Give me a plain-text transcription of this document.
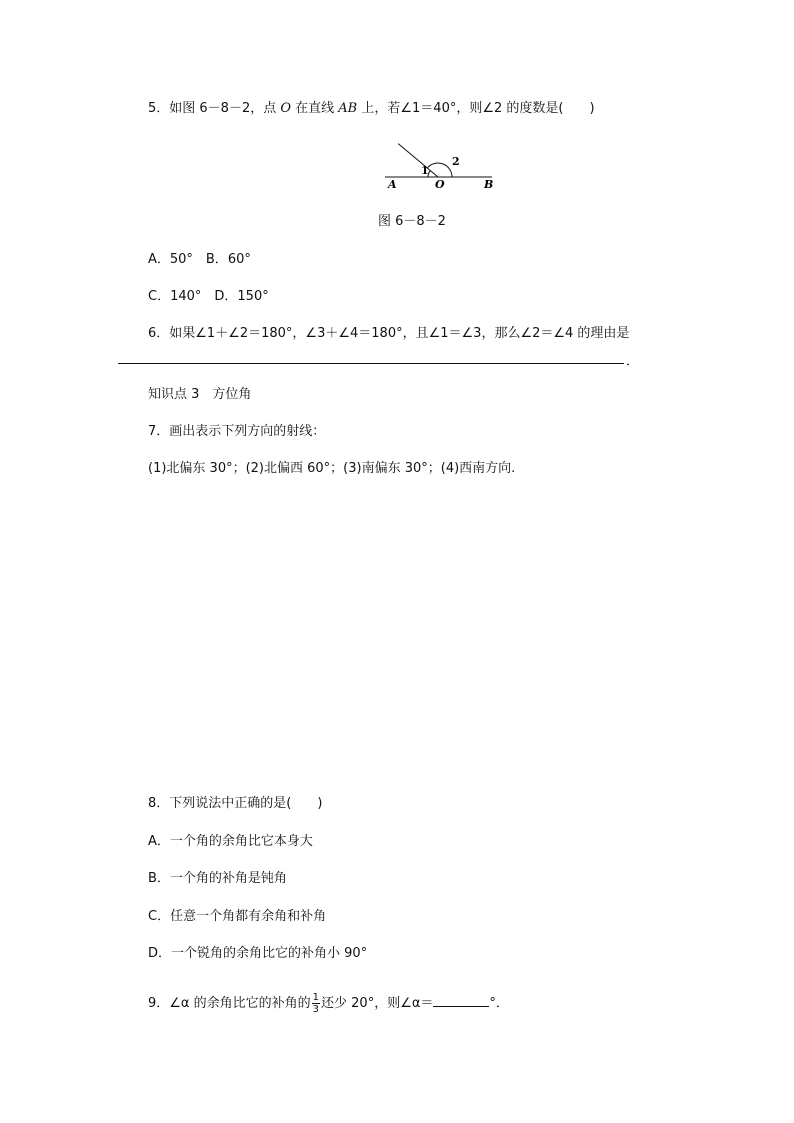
5．如图 6－8－2，点 O 在直线 AB 上，若∠1＝40°，则∠2 的度数是(　　)
1
2
A	O	B
图 6－8－2
A．50°　B．60°
C．140°　D．150°
6．如果∠1＋∠2＝180°，∠3＋∠4＝180°，且∠1＝∠3，那么∠2＝∠4 的理由是
．
知识点 3　方位角
7．画出表示下列方向的射线：
(1)北偏东 30°；(2)北偏西 60°；(3)南偏东 30°；(4)西南方向.
8．下列说法中正确的是(　　)
A．一个角的余角比它本身大
B．一个角的补角是钝角
C．任意一个角都有余角和补角
D．一个锐角的余角比它的补角小 90°
9．∠α 的余角比它的补角的 $\frac{1}{3}$ 还少 20°，则∠α＝	°．
